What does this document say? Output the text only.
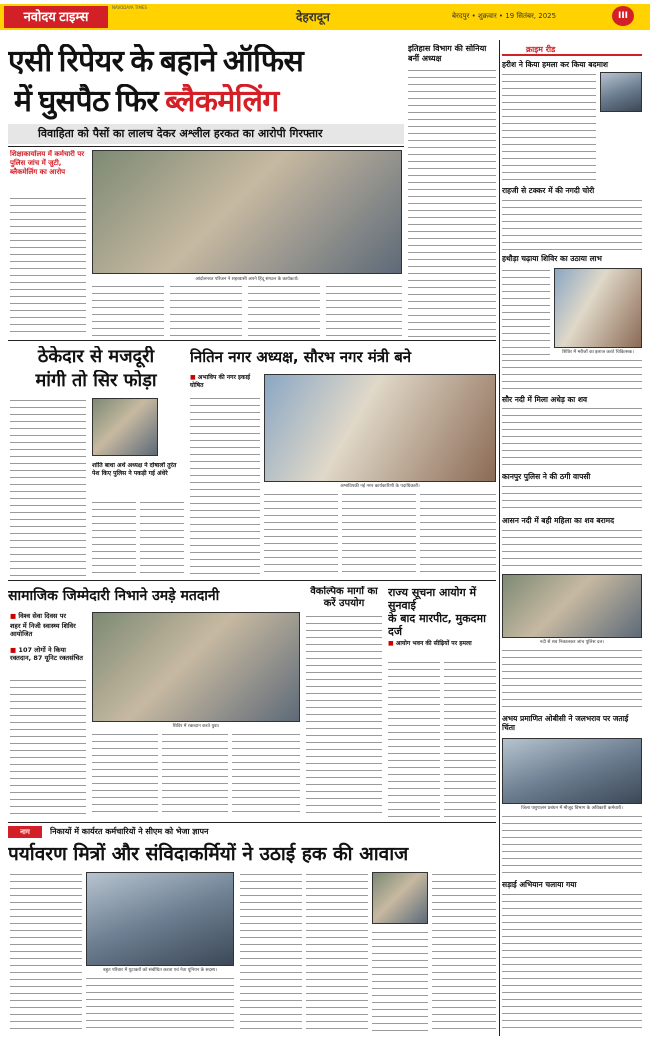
नवोदय टाइम्स
NAVODAYA TIMES
देहरादून	बेरदपुर • शुक्रवार • 19 सितंबर, 2025	III
एसी रिपेयर के बहाने ऑफिस
में घुसपैठ फिर ब्लैकमेलिंग
विवाहिता को पैसों का लालच देकर अश्लील हरकत का आरोपी गिरफ्तार
शिक्षाकार्यालय में कर्मचारी पर पुलिस जांच में जुटी, ब्लैकमेलिंग का आरोप
आंदोलनरत परिजन ने शहरवासी अपने हिंदू संगठन के कार्यकर्ता।
इतिहास विभाग की सोनिया बनीं अध्यक्ष
क्राइम रीड
हरीश ने किया हमला कर किया बदमाश
राहजी से टक्कर में की नगदी चोरी
हथौड़ा चढ़ाया शिविर का उठाया लाभ
शिविर में मरीजों का इलाज करते चिकित्सक।
सौर नदी में मिला अधेड़ का शव
कानपुर पुलिस ने की ठगी वापसी
आसन नदी में बही महिला का शव बरामद
नदी से शव निकालकर जांच पुलिस दल।
अभय प्रमाणित ओबीसी ने जलभराव पर जताई चिंता
जिला पशुपालन प्रबंधन में मौजूद विभाग के अधिकारी कर्मचारी।
सड़ाई अभियान चलाया गया
ठेकेदार से मजदूरी
मांगी तो सिर फोड़ा
शांति बाधा अर्थ अध्यक्ष ने दोषालों तुरंत पेश किए पुलिस ने पकड़ी गई अंधेरे
नितिन नगर अध्यक्ष, सौरभ नगर मंत्री बने
■ अभाविप की नगर इकाई घोषित
अभाविपकी नई नगर कार्यकारिणी के पदाधिकारी।
सामाजिक जिम्मेदारी निभाने उमड़े मतदानी
■ विश्व सेवा दिवस पर
शहर में निजी स्वास्थ्य शिविर आयोजित
■ 107 लोगों ने किया रक्तदान, 87 यूनिट रक्तसंचित
शिविर में रक्तदान करते युवा।
वैकल्पिक मार्गों का करें उपयोग
राज्य सूचना आयोग में सुनवाई
के बाद मारपीट, मुकदमा दर्ज
■ आयोग भवन की सीढ़ियों पर हमला
नाग	निकायों में कार्यरत कर्मचारियों ने सीएम को भेजा ज्ञापन
पर्यावरण मित्रों और संविदाकर्मियों ने उठाई हक की आवाज
बहुत परिवार में यूटाकरों को संबोधित करता एवं नेता यूनियन के सदस्य।
